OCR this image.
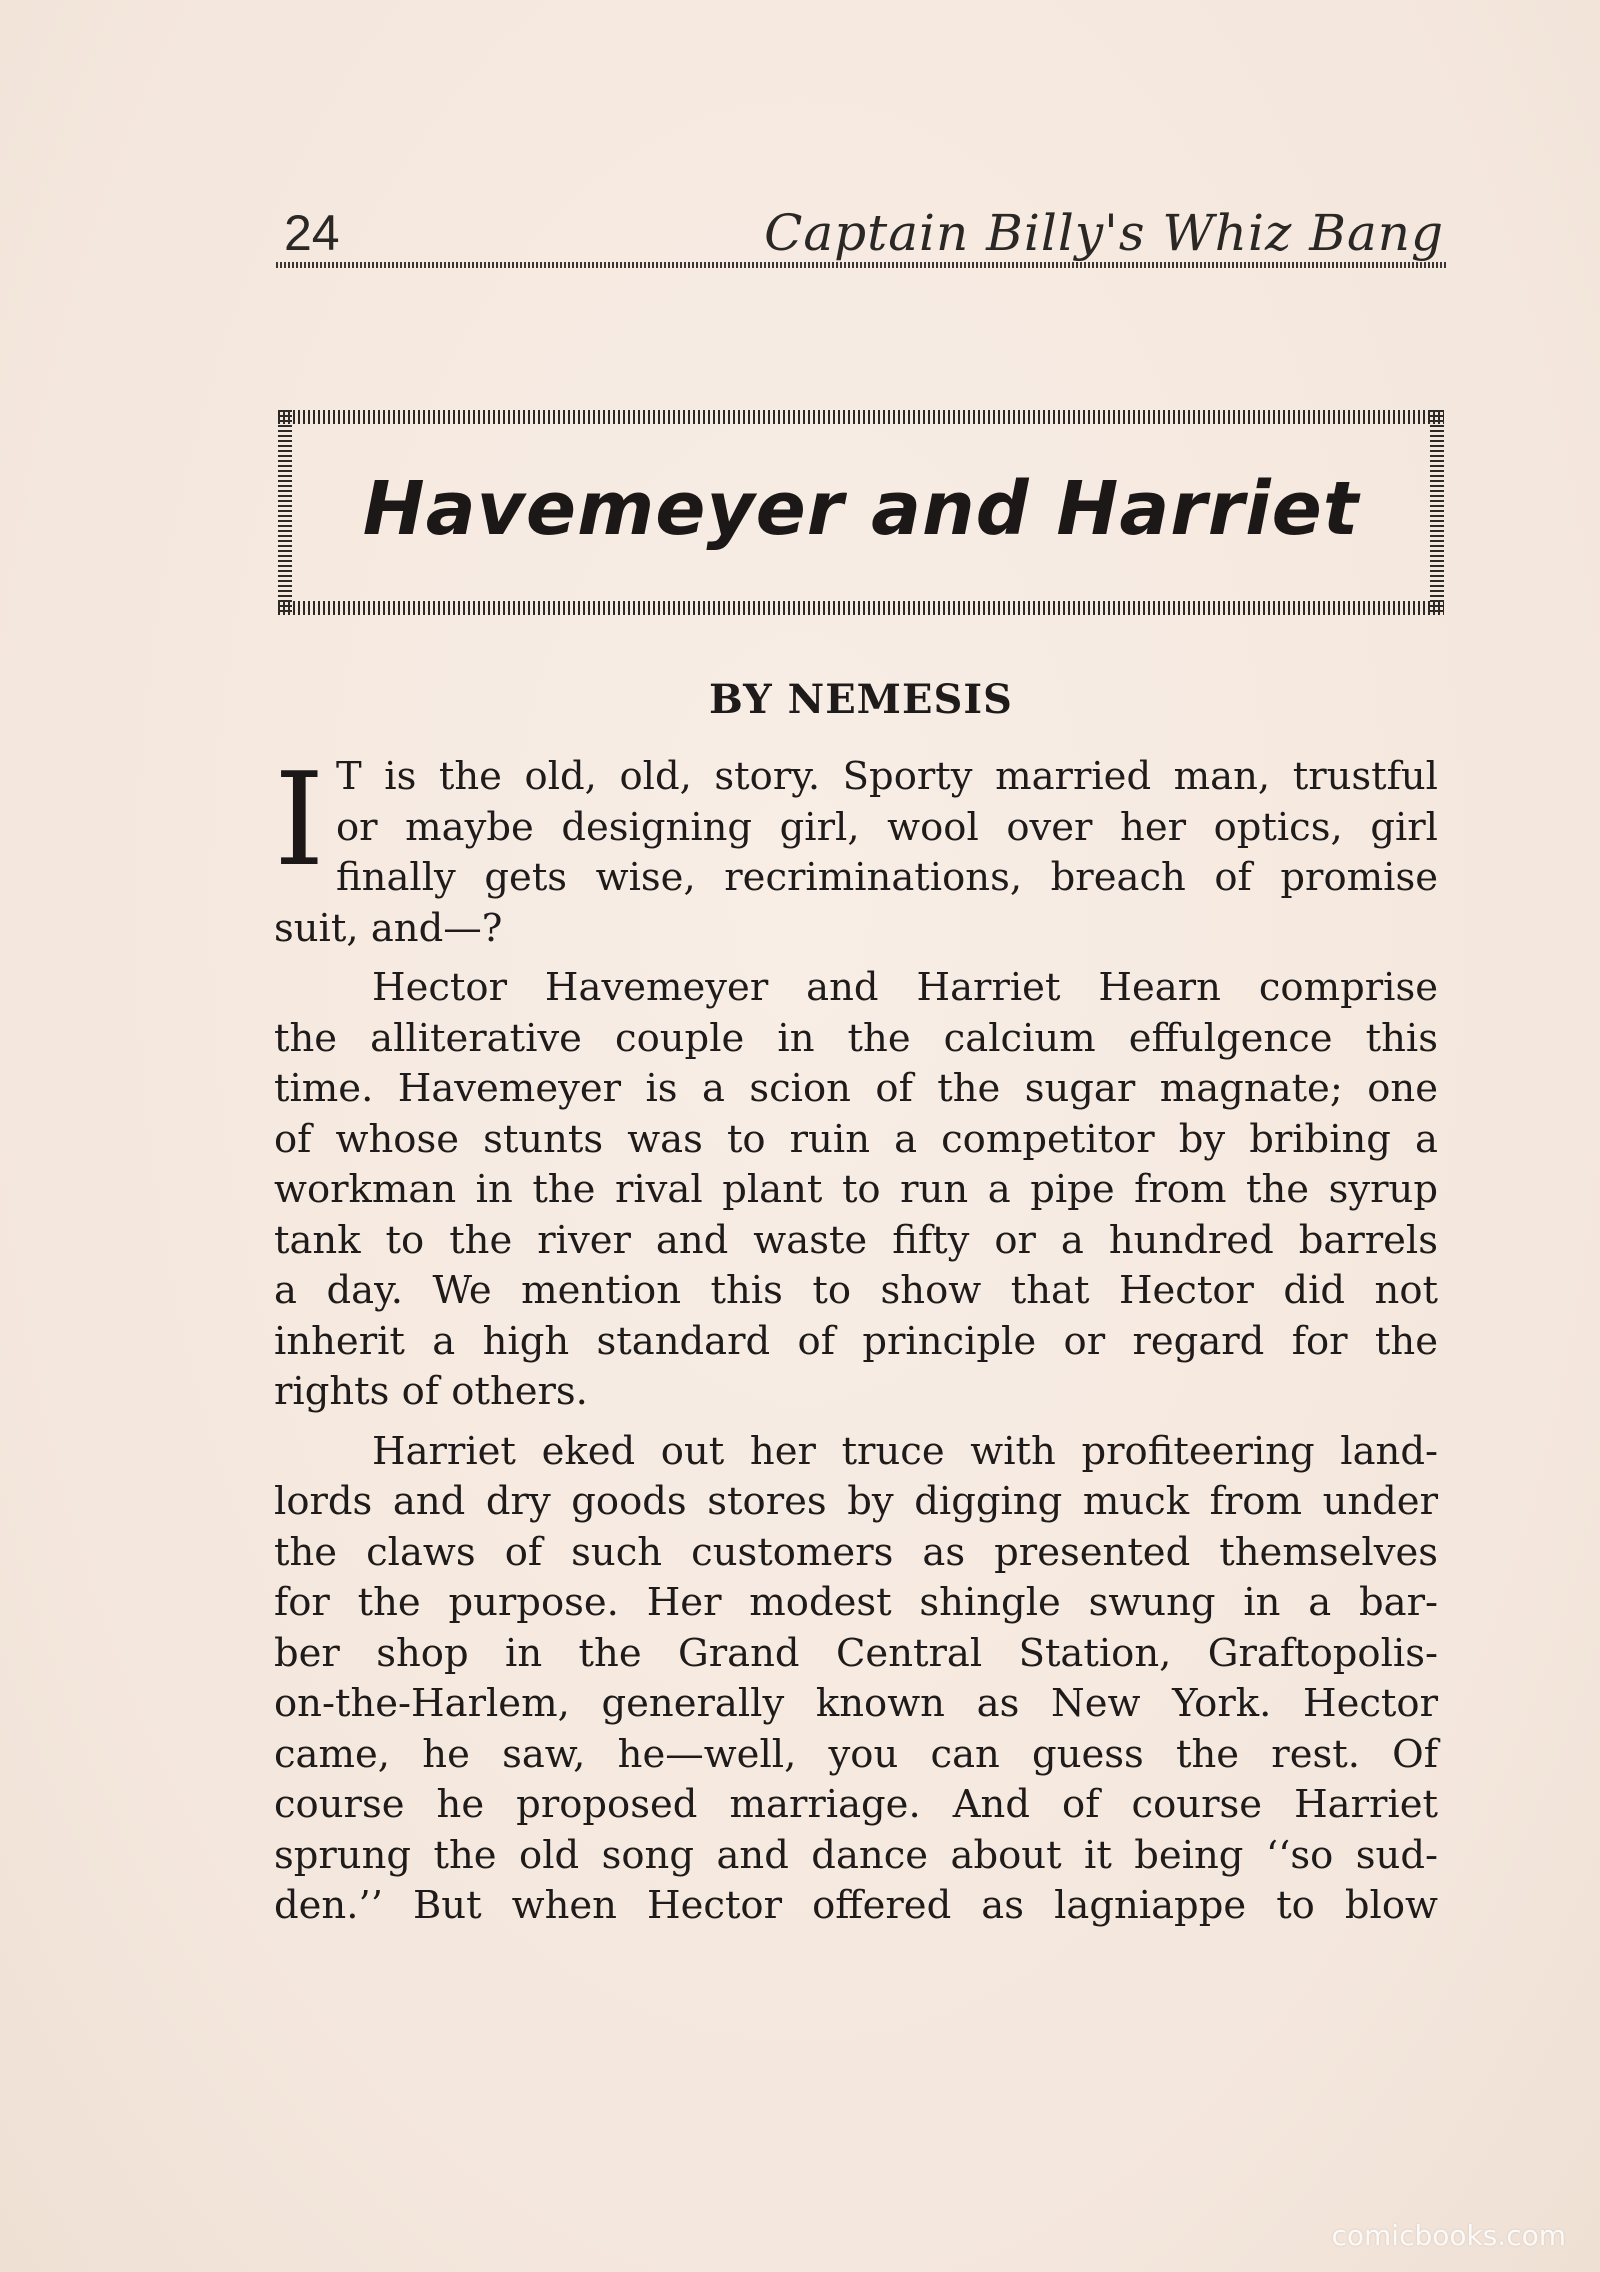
24	Captain Billy's Whiz Bang
Havemeyer and Harriet
BY NEMESIS
I T is the old, old, story. Sporty married man, trustful
or maybe designing girl, wool over her optics, girl
finally gets wise, recriminations, breach of promise
suit, and—?
Hector Havemeyer and Harriet Hearn comprise
the alliterative couple in the calcium effulgence this
time. Havemeyer is a scion of the sugar magnate; one
of whose stunts was to ruin a competitor by bribing a
workman in the rival plant to run a pipe from the syrup
tank to the river and waste fifty or a hundred barrels
a day. We mention this to show that Hector did not
inherit a high standard of principle or regard for the
rights of others.
Harriet eked out her truce with profiteering land-
lords and dry goods stores by digging muck from under
the claws of such customers as presented themselves
for the purpose. Her modest shingle swung in a bar-
ber shop in the Grand Central Station, Graftopolis-
on-the-Harlem, generally known as New York. Hector
came, he saw, he—well, you can guess the rest. Of
course he proposed marriage. And of course Harriet
sprung the old song and dance about it being ‘‘so sud-
den.’’ But when Hector offered as lagniappe to blow
comicbooks.com
